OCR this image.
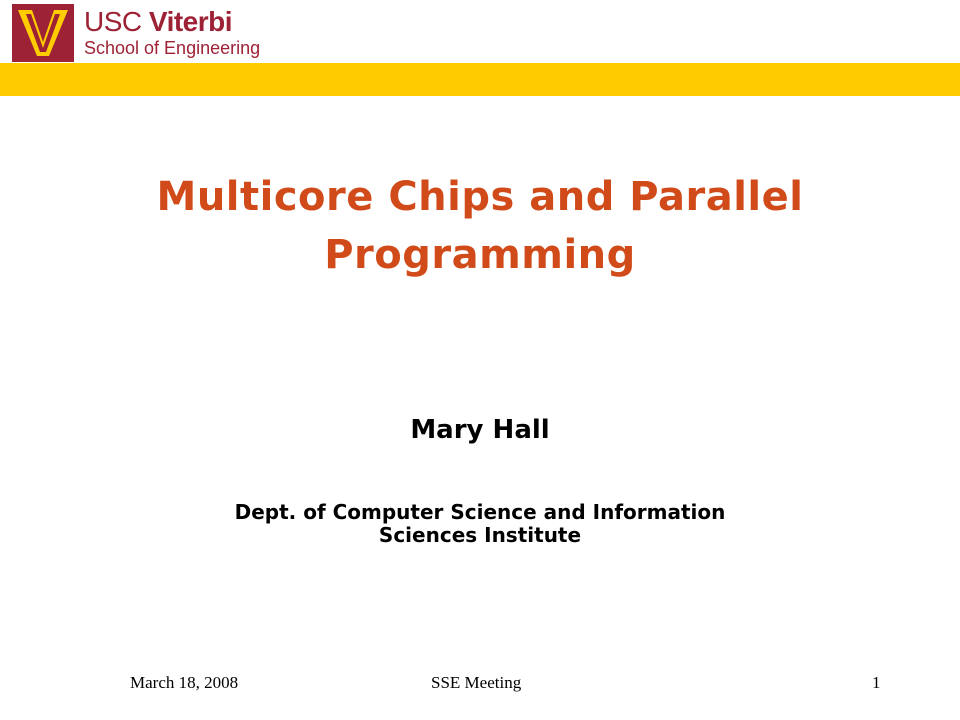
USC Viterbi
School of Engineering
Multicore Chips and Parallel
Programming
Mary Hall
Dept. of Computer Science and Information
Sciences Institute
March 18, 2008	SSE Meeting	1
